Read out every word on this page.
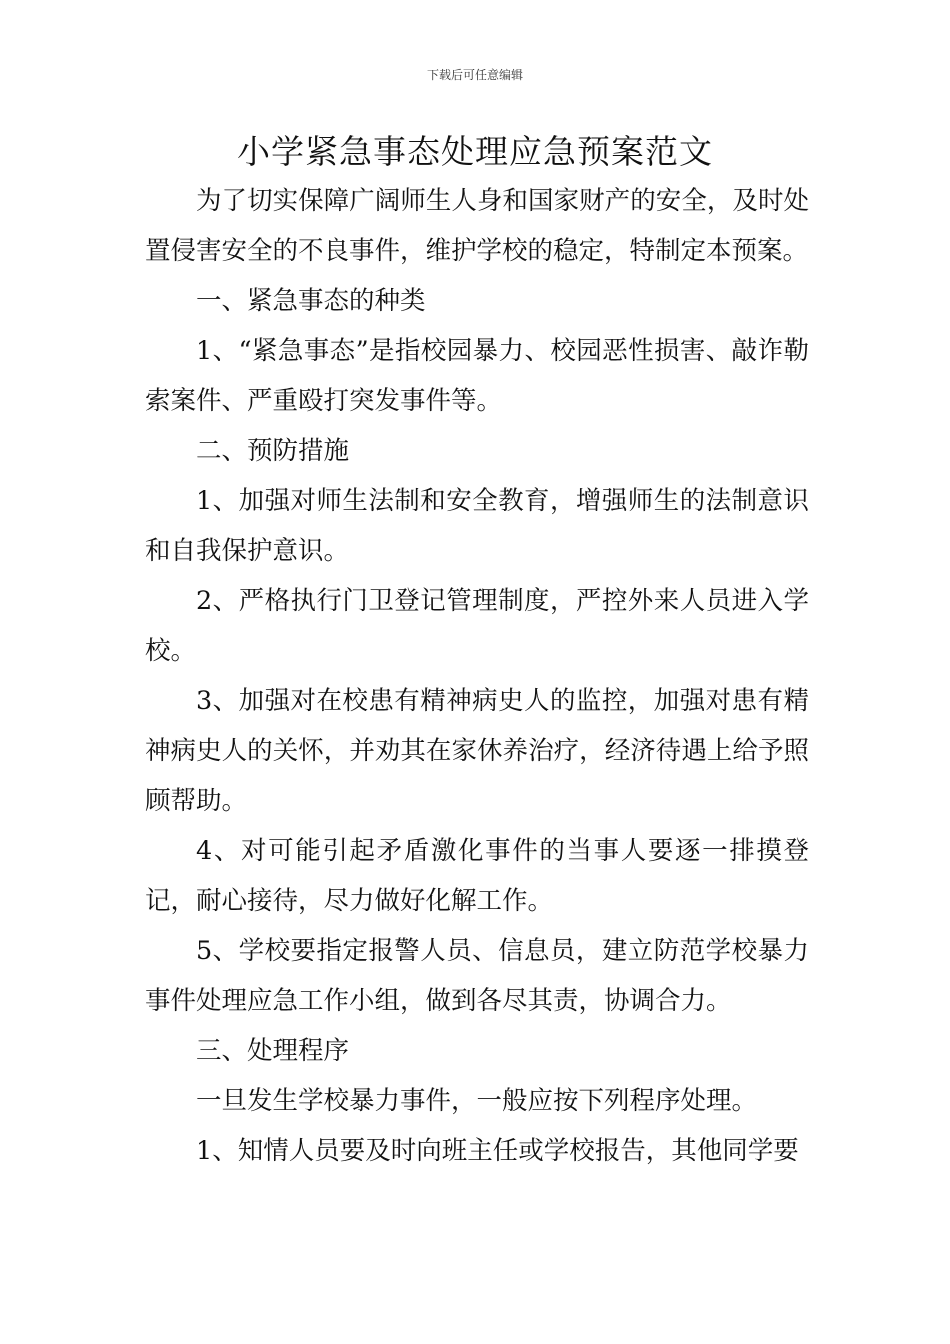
下载后可任意编辑
小学紧急事态处理应急预案范文

为了切实保障广阔师生人身和国家财产的安全，及时处置侵害安全的不良事件，维护学校的稳定，特制定本预案。

一、紧急事态的种类

1、“紧急事态”是指校园暴力、校园恶性损害、敲诈勒索案件、严重殴打突发事件等。

二、预防措施

1、加强对师生法制和安全教育，增强师生的法制意识和自我保护意识。

2、严格执行门卫登记管理制度，严控外来人员进入学校。

3、加强对在校患有精神病史人的监控，加强对患有精神病史人的关怀，并劝其在家休养治疗，经济待遇上给予照顾帮助。

4、对可能引起矛盾激化事件的当事人要逐一排摸登记，耐心接待，尽力做好化解工作。

5、学校要指定报警人员、信息员，建立防范学校暴力事件处理应急工作小组，做到各尽其责，协调合力。

三、处理程序

一旦发生学校暴力事件，一般应按下列程序处理。

1、知情人员要及时向班主任或学校报告，其他同学要
